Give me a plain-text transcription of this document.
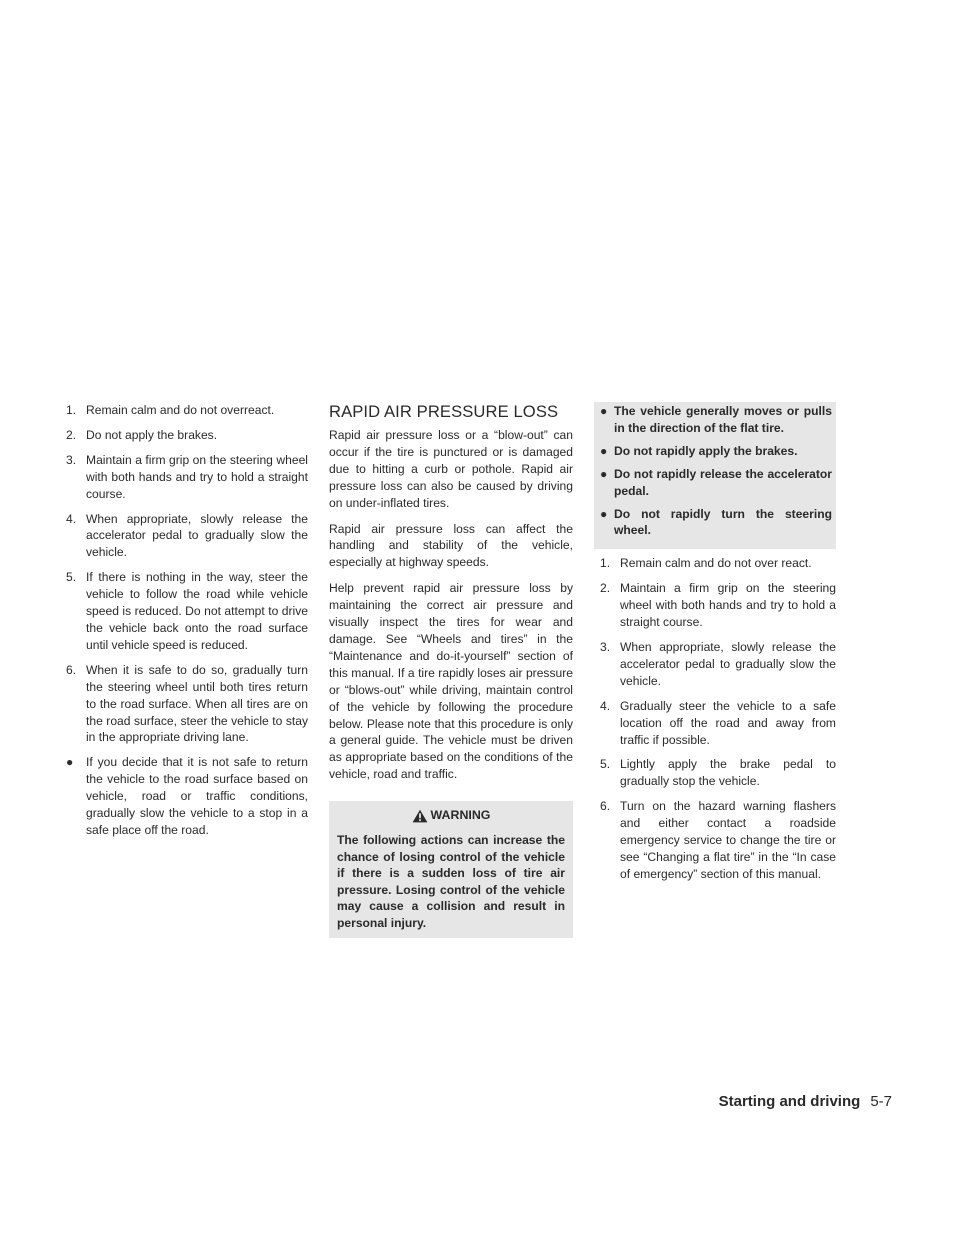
1. Remain calm and do not overreact.
2. Do not apply the brakes.
3. Maintain a firm grip on the steering wheel with both hands and try to hold a straight course.
4. When appropriate, slowly release the accelerator pedal to gradually slow the vehicle.
5. If there is nothing in the way, steer the vehicle to follow the road while vehicle speed is reduced. Do not attempt to drive the vehicle back onto the road surface until vehicle speed is reduced.
6. When it is safe to do so, gradually turn the steering wheel until both tires return to the road surface. When all tires are on the road surface, steer the vehicle to stay in the appropriate driving lane.
● If you decide that it is not safe to return the vehicle to the road surface based on vehicle, road or traffic conditions, gradually slow the vehicle to a stop in a safe place off the road.
RAPID AIR PRESSURE LOSS

Rapid air pressure loss or a “blow-out” can occur if the tire is punctured or is damaged due to hitting a curb or pothole. Rapid air pressure loss can also be caused by driving on under-inflated tires.

Rapid air pressure loss can affect the handling and stability of the vehicle, especially at highway speeds.

Help prevent rapid air pressure loss by maintaining the correct air pressure and visually inspect the tires for wear and damage. See “Wheels and tires” in the “Maintenance and do-it-yourself” section of this manual. If a tire rapidly loses air pressure or “blows-out” while driving, maintain control of the vehicle by following the procedure below. Please note that this procedure is only a general guide. The vehicle must be driven as appropriate based on the conditions of the vehicle, road and traffic.

WARNING
The following actions can increase the chance of losing control of the vehicle if there is a sudden loss of tire air pressure. Losing control of the vehicle may cause a collision and result in personal injury.
● The vehicle generally moves or pulls in the direction of the flat tire.
● Do not rapidly apply the brakes.
● Do not rapidly release the accelerator pedal.
● Do not rapidly turn the steering wheel.
1. Remain calm and do not over react.
2. Maintain a firm grip on the steering wheel with both hands and try to hold a straight course.
3. When appropriate, slowly release the accelerator pedal to gradually slow the vehicle.
4. Gradually steer the vehicle to a safe location off the road and away from traffic if possible.
5. Lightly apply the brake pedal to gradually stop the vehicle.
6. Turn on the hazard warning flashers and either contact a roadside emergency service to change the tire or see “Changing a flat tire” in the “In case of emergency” section of this manual.
Starting and driving 5-7
